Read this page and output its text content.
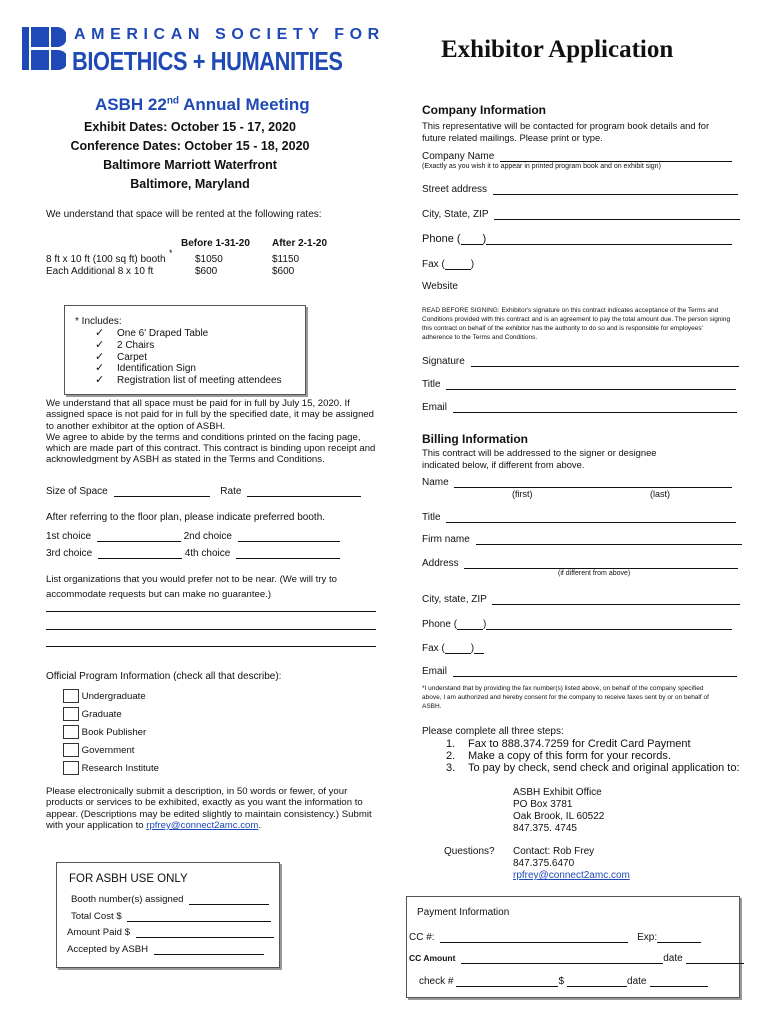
AMERICAN SOCIETY FOR
BIOETHICS + HUMANITIES	Exhibitor Application
ASBH 22nd Annual Meeting
Exhibit Dates: October 15 - 17, 2020
Conference Dates: October 15 - 18, 2020
Baltimore Marriott Waterfront
Baltimore, Maryland
We understand that space will be rented at the following rates:
Before 1-31-20 After 2-1-20
*
8 ft x 10 ft (100 sq ft) booth	$1050	$1150
Each Additional 8 x 10 ft	$600	$600
* Includes:
✓ One 6' Draped Table
✓ 2 Chairs
✓ Carpet
✓ Identification Sign
✓ Registration list of meeting attendees
We understand that all space must be paid for in full by July 15, 2020. If assigned space is not paid for in full by the specified date, it may be assigned to another exhibitor at the option of ASBH.
We agree to abide by the terms and conditions printed on the facing page, which are made part of this contract. This contract is binding upon receipt and acknowledgment by ASBH as stated in the Terms and Conditions.
Size of Space	Rate
After referring to the floor plan, please indicate preferred booth.
1st choice	2nd choice
3rd choice	4th choice
List organizations that you would prefer not to be near. (We will try to
accommodate requests but can make no guarantee.)
Official Program Information (check all that describe):
Undergraduate
Graduate
Book Publisher
Government
Research Institute
Please electronically submit a description, in 50 words or fewer, of your products or services to be exhibited, exactly as you want the information to appear. (Descriptions may be edited slightly to maintain consistency.) Submit with your application to rpfrey@connect2amc.com.
FOR ASBH USE ONLY
Booth number(s) assigned
Total Cost $
Amount Paid $
Accepted by ASBH
Company Information
This representative will be contacted for program book details and for future related mailings. Please print or type.
Company Name
(Exactly as you wish it to appear in printed program book and on exhibit sign)
Street address
City, State, ZIP
Phone ( )
Fax (	)
Website
READ BEFORE SIGNING: Exhibitor's signature on this contract indicates acceptance of the Terms and Conditions provided with this contract and is an agreement to pay the total amount due. The person signing this contract on behalf of the exhibitor has the authority to do so and is responsible for employees' adherence to the Terms and Conditions.
Signature
Title
Email
Billing Information
This contract will be addressed to the signer or designee indicated below, if different from above.
Name
(first)	(last)
Title
Firm name
Address
(if different from above)
City, state, ZIP
Phone (	)
Fax (	)
Email
*I understand that by providing the fax number(s) listed above, on behalf of the company specified above, I am authorized and hereby consent for the company to receive faxes sent by or on behalf of ASBH.
Please complete all three steps:
1. Fax to 888.374.7259 for Credit Card Payment
2. Make a copy of this form for your records.
3. To pay by check, send check and original application to:
ASBH Exhibit Office
PO Box 3781
Oak Brook, IL 60522
847.375. 4745
Questions? Contact: Rob Frey
847.375.6470
rpfrey@connect2amc.com
Payment Information
CC #:	Exp:
CC Amount	date
check #	$	date
